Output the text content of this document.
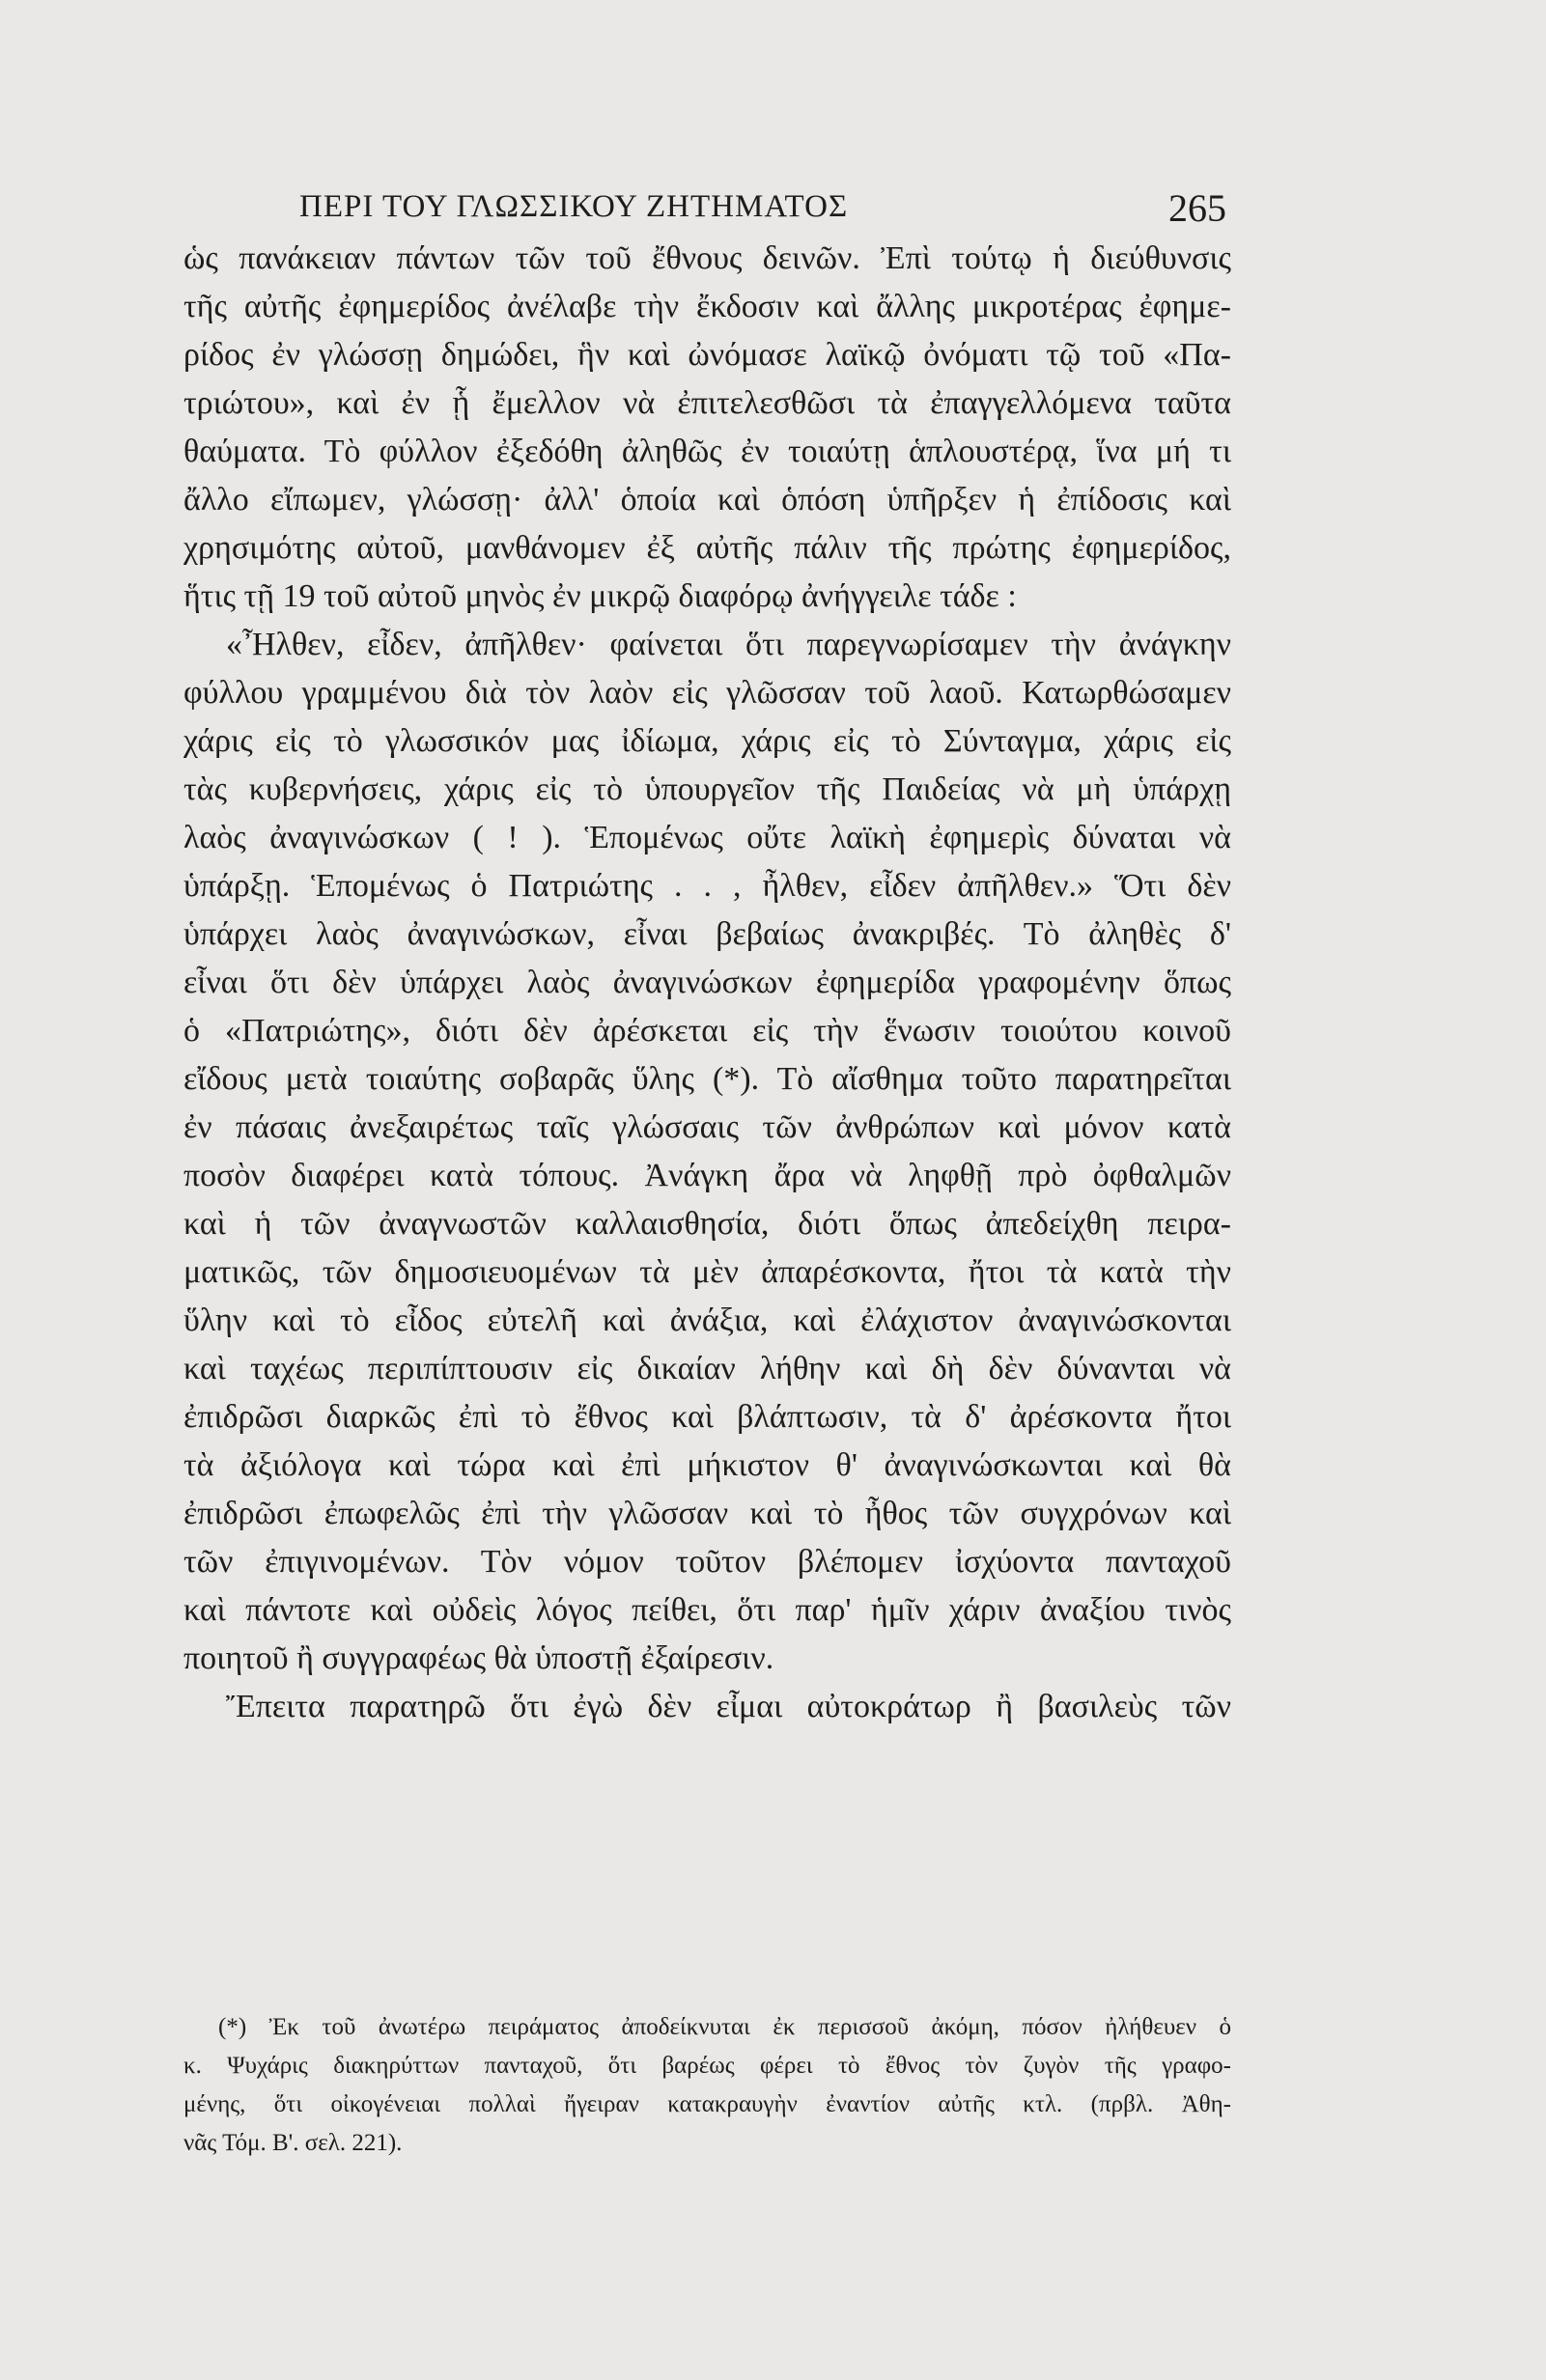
ΠΕΡΙ ΤΟΥ ΓΛΩΣΣΙΚΟΥ ΖΗΤΗΜΑΤΟΣ	265
ὡς πανάκειαν πάντων τῶν τοῦ ἔθνους δεινῶν. Ἐπὶ τούτῳ ἡ διεύθυνσις
τῆς αὐτῆς ἐφημερίδος ἀνέλαβε τὴν ἔκδοσιν καὶ ἄλλης μικροτέρας ἐφημε-
ρίδος ἐν γλώσσῃ δημώδει, ἣν καὶ ὠνόμασε λαϊκῷ ὀνόματι τῷ τοῦ «Πα-
τριώτου», καὶ ἐν ᾗ ἔμελλον νὰ ἐπιτελεσθῶσι τὰ ἐπαγγελλόμενα ταῦτα
θαύματα. Τὸ φύλλον ἐξεδόθη ἀληθῶς ἐν τοιαύτῃ ἁπλουστέρᾳ, ἵνα μή τι
ἄλλο εἴπωμεν, γλώσσῃ· ἀλλ' ὁποία καὶ ὁπόση ὑπῆρξεν ἡ ἐπίδοσις καὶ
χρησιμότης αὐτοῦ, μανθάνομεν ἐξ αὐτῆς πάλιν τῆς πρώτης ἐφημερίδος,
ἥτις τῇ 19 τοῦ αὐτοῦ μηνὸς ἐν μικρῷ διαφόρῳ ἀνήγγειλε τάδε :
«Ἦλθεν, εἶδεν, ἀπῆλθεν· φαίνεται ὅτι παρεγνωρίσαμεν τὴν ἀνάγκην
φύλλου γραμμένου διὰ τὸν λαὸν εἰς γλῶσσαν τοῦ λαοῦ. Κατωρθώσαμεν
χάρις εἰς τὸ γλωσσικόν μας ἰδίωμα, χάρις εἰς τὸ Σύνταγμα, χάρις εἰς
τὰς κυβερνήσεις, χάρις εἰς τὸ ὑπουργεῖον τῆς Παιδείας νὰ μὴ ὑπάρχῃ
λαὸς ἀναγινώσκων ( ! ). Ἑπομένως οὔτε λαϊκὴ ἐφημερὶς δύναται νὰ
ὑπάρξῃ. Ἑπομένως ὁ Πατριώτης . . , ἦλθεν, εἶδεν ἀπῆλθεν.» Ὅτι δὲν
ὑπάρχει λαὸς ἀναγινώσκων, εἶναι βεβαίως ἀνακριβές. Τὸ ἀληθὲς δ'
εἶναι ὅτι δὲν ὑπάρχει λαὸς ἀναγινώσκων ἐφημερίδα γραφομένην ὅπως
ὁ «Πατριώτης», διότι δὲν ἀρέσκεται εἰς τὴν ἕνωσιν τοιούτου κοινοῦ
εἴδους μετὰ τοιαύτης σοβαρᾶς ὕλης (*). Τὸ αἴσθημα τοῦτο παρατηρεῖται
ἐν πάσαις ἀνεξαιρέτως ταῖς γλώσσαις τῶν ἀνθρώπων καὶ μόνον κατὰ
ποσὸν διαφέρει κατὰ τόπους. Ἀνάγκη ἄρα νὰ ληφθῇ πρὸ ὀφθαλμῶν
καὶ ἡ τῶν ἀναγνωστῶν καλλαισθησία, διότι ὅπως ἀπεδείχθη πειρα-
ματικῶς, τῶν δημοσιευομένων τὰ μὲν ἀπαρέσκοντα, ἤτοι τὰ κατὰ τὴν
ὕλην καὶ τὸ εἶδος εὐτελῆ καὶ ἀνάξια, καὶ ἐλάχιστον ἀναγινώσκονται
καὶ ταχέως περιπίπτουσιν εἰς δικαίαν λήθην καὶ δὴ δὲν δύνανται νὰ
ἐπιδρῶσι διαρκῶς ἐπὶ τὸ ἔθνος καὶ βλάπτωσιν, τὰ δ' ἀρέσκοντα ἤτοι
τὰ ἀξιόλογα καὶ τώρα καὶ ἐπὶ μήκιστον θ' ἀναγινώσκωνται καὶ θὰ
ἐπιδρῶσι ἐπωφελῶς ἐπὶ τὴν γλῶσσαν καὶ τὸ ἦθος τῶν συγχρόνων καὶ
τῶν ἐπιγινομένων. Τὸν νόμον τοῦτον βλέπομεν ἰσχύοντα πανταχοῦ
καὶ πάντοτε καὶ οὐδεὶς λόγος πείθει, ὅτι παρ' ἡμῖν χάριν ἀναξίου τινὸς
ποιητοῦ ἢ συγγραφέως θὰ ὑποστῇ ἐξαίρεσιν.
Ἔπειτα παρατηρῶ ὅτι ἐγὼ δὲν εἶμαι αὐτοκράτωρ ἢ βασιλεὺς τῶν
(*) Ἐκ τοῦ ἀνωτέρω πειράματος ἀποδείκνυται ἐκ περισσοῦ ἀκόμη, πόσον ἠλήθευεν ὁ
κ. Ψυχάρις διακηρύττων πανταχοῦ, ὅτι βαρέως φέρει τὸ ἔθνος τὸν ζυγὸν τῆς γραφο-
μένης, ὅτι οἰκογένειαι πολλαὶ ἤγειραν κατακραυγὴν ἐναντίον αὐτῆς κτλ. (πρβλ. Ἀθη-
νᾶς Τόμ. Β'. σελ. 221).
